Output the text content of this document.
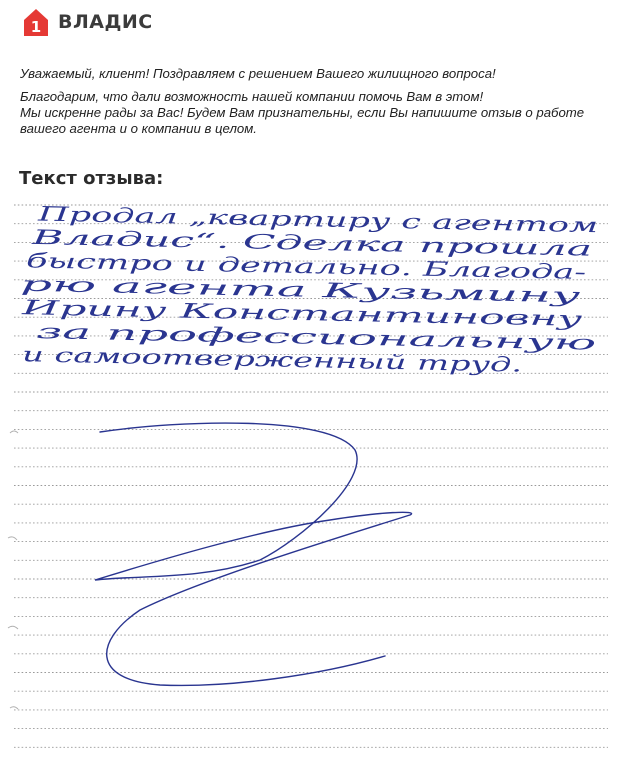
1 ВЛАДИС

Уважаемый, клиент! Поздравляем с решением Вашего жилищного вопроса!

Благодарим, что дали возможность нашей компании помочь Вам в этом!

Мы искренне рады за Вас! Будем Вам признательны, если Вы напишите отзыв о работе

вашего агента и о компании в целом.

Текст отзыва:
Продал „квартиру с агентом
Владис“. Сделка прошла
быстро и детально. Благода-
рю агента Кузьмину
Ирину Константиновну
за профессиональную
и самоотверженный труд.
